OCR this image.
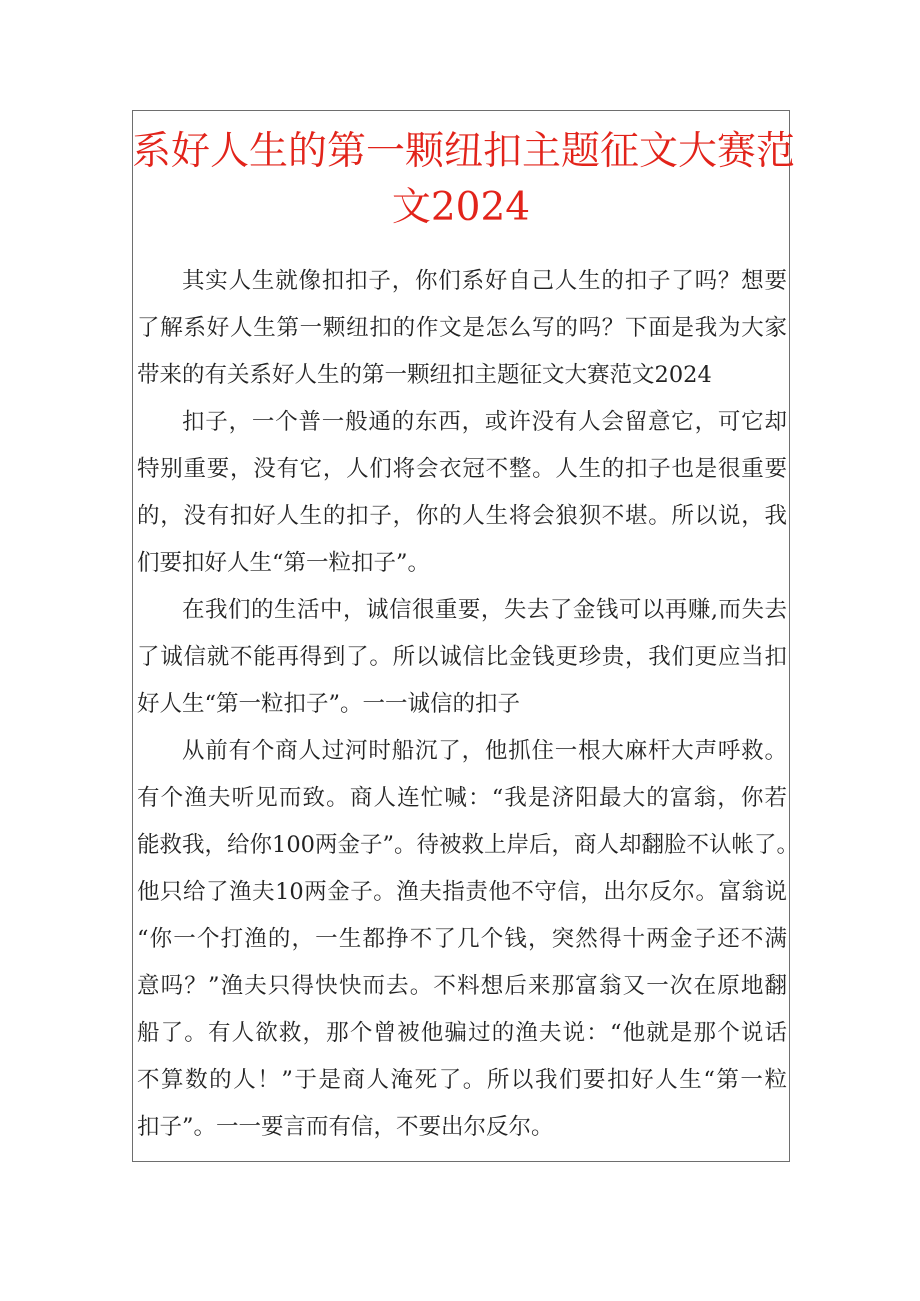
系好人生的第一颗纽扣主题征文大赛范
文2024
其实人生就像扣扣子，你们系好自己人生的扣子了吗？想要
了解系好人生第一颗纽扣的作文是怎么写的吗？下面是我为大家
带来的有关系好人生的第一颗纽扣主题征文大赛范文2024
扣子，一个普一般通的东西，或许没有人会留意它，可它却
特别重要，没有它，人们将会衣冠不整。人生的扣子也是很重要
的，没有扣好人生的扣子，你的人生将会狼狈不堪。所以说，我
们要扣好人生“第一粒扣子”。
在我们的生活中，诚信很重要，失去了金钱可以再赚,而失去
了诚信就不能再得到了。所以诚信比金钱更珍贵，我们更应当扣
好人生“第一粒扣子”。一一诚信的扣子
从前有个商人过河时船沉了，他抓住一根大麻杆大声呼救。
有个渔夫听见而致。商人连忙喊：“我是济阳最大的富翁，你若
能救我，给你100两金子”。待被救上岸后，商人却翻脸不认帐了。
他只给了渔夫10两金子。渔夫指责他不守信，出尔反尔。富翁说
“你一个打渔的，一生都挣不了几个钱，突然得十两金子还不满
意吗？”渔夫只得快快而去。不料想后来那富翁又一次在原地翻
船了。有人欲救，那个曾被他骗过的渔夫说：“他就是那个说话
不算数的人！”于是商人淹死了。所以我们要扣好人生“第一粒
扣子”。一一要言而有信，不要出尔反尔。
